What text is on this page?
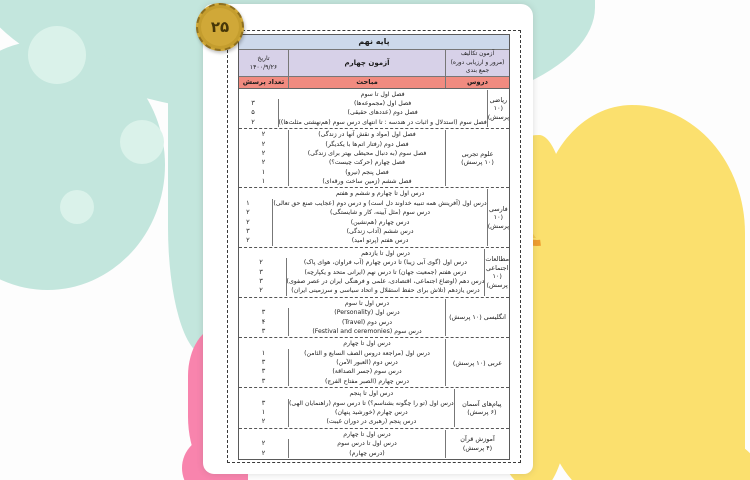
پایه نهم
آزمون تکالیف
(مرور و ارزیابی دوره)
جمع بندی
آزمون چهارم
تاریخ
۱۴۰۰/۹/۲۶
دروس
مباحث
تعداد پرسش
ریاضی
(۱۰ پرسش)
فصل اول تا سوم
فصل اول (مجموعه‌ها)
۳
فصل دوم (عددهای حقیقی)
۵
فصل سوم (استدلال و اثبات در هندسه : تا انتهای درس سوم (هم‌نهشتی مثلث‌ها))
۲
علوم تجربی
(۱۰ پرسش)
فصل اول (مواد و نقش آنها در زندگی)
۲
فصل دوم (رفتار اتم‌ها با یکدیگر)
۲
فصل سوم (به دنبال محیطی بهتر برای زندگی)
۲
فصل چهارم (حرکت چیست؟)
۲
فصل پنجم (نیرو)
۱
فصل ششم (زمین ساخت ورقه‌ای)
۱
فارسی
(۱۰ پرسش)
درس اول تا چهارم و ششم و هفتم
درس اول (آفرینش همه تنبیه خداوند دل است) و درس دوم (عجایب صنع حق تعالی)
۱
درس سوم (مثل آیینه، کار و شایستگی)
۲
درس چهارم (هم‌نشین)
۲
درس ششم (آداب زندگی)
۳
درس هفتم (پرتو امید)
۲
مطالعات اجتماعی
(۱۰ پرسش)
درس اول تا یازدهم
درس اول (گوی آبی زیبا) تا درس چهارم (آب فراوان، هوای پاک)
۲
درس هفتم (جمعیت جهان) تا درس نهم (ایرانی متحد و یکپارچه)
۳
درس دهم (اوضاع اجتماعی، اقتصادی، علمی و فرهنگی ایران در عصر صفوی)
۳
درس یازدهم (تلاش برای حفظ استقلال و اتحاد سیاسی و سرزمینی ایران)
۲
انگلیسی
(۱۰ پرسش)
درس اول تا سوم
درس اول (Personality)
۳
درس دوم (Travel)
۴
درس سوم (Festival and ceremonies)
۳
عربی
(۱۰ پرسش)
درس اول تا چهارم
درس اول (مراجعة دروس الصف السابع و الثامن)
۱
درس دوم (العبور الآمن)
۳
درس سوم (جسر الصداقة)
۳
درس چهارم (الصبر مفتاح الفرج)
۳
پیام‌های آسمان
(۶ پرسش)
درس اول تا پنجم
درس اول (تو را چگونه بشناسم؟) تا درس سوم (راهنمایان الهی)
۳
درس چهارم (خورشید پنهان)
۱
درس پنجم (رهبری در دوران غیبت)
۲
آموزش قرآن
(۴ پرسش)
درس اول تا چهارم
درس اول تا درس سوم
۲
(درس چهارم)
۲
۲۵
